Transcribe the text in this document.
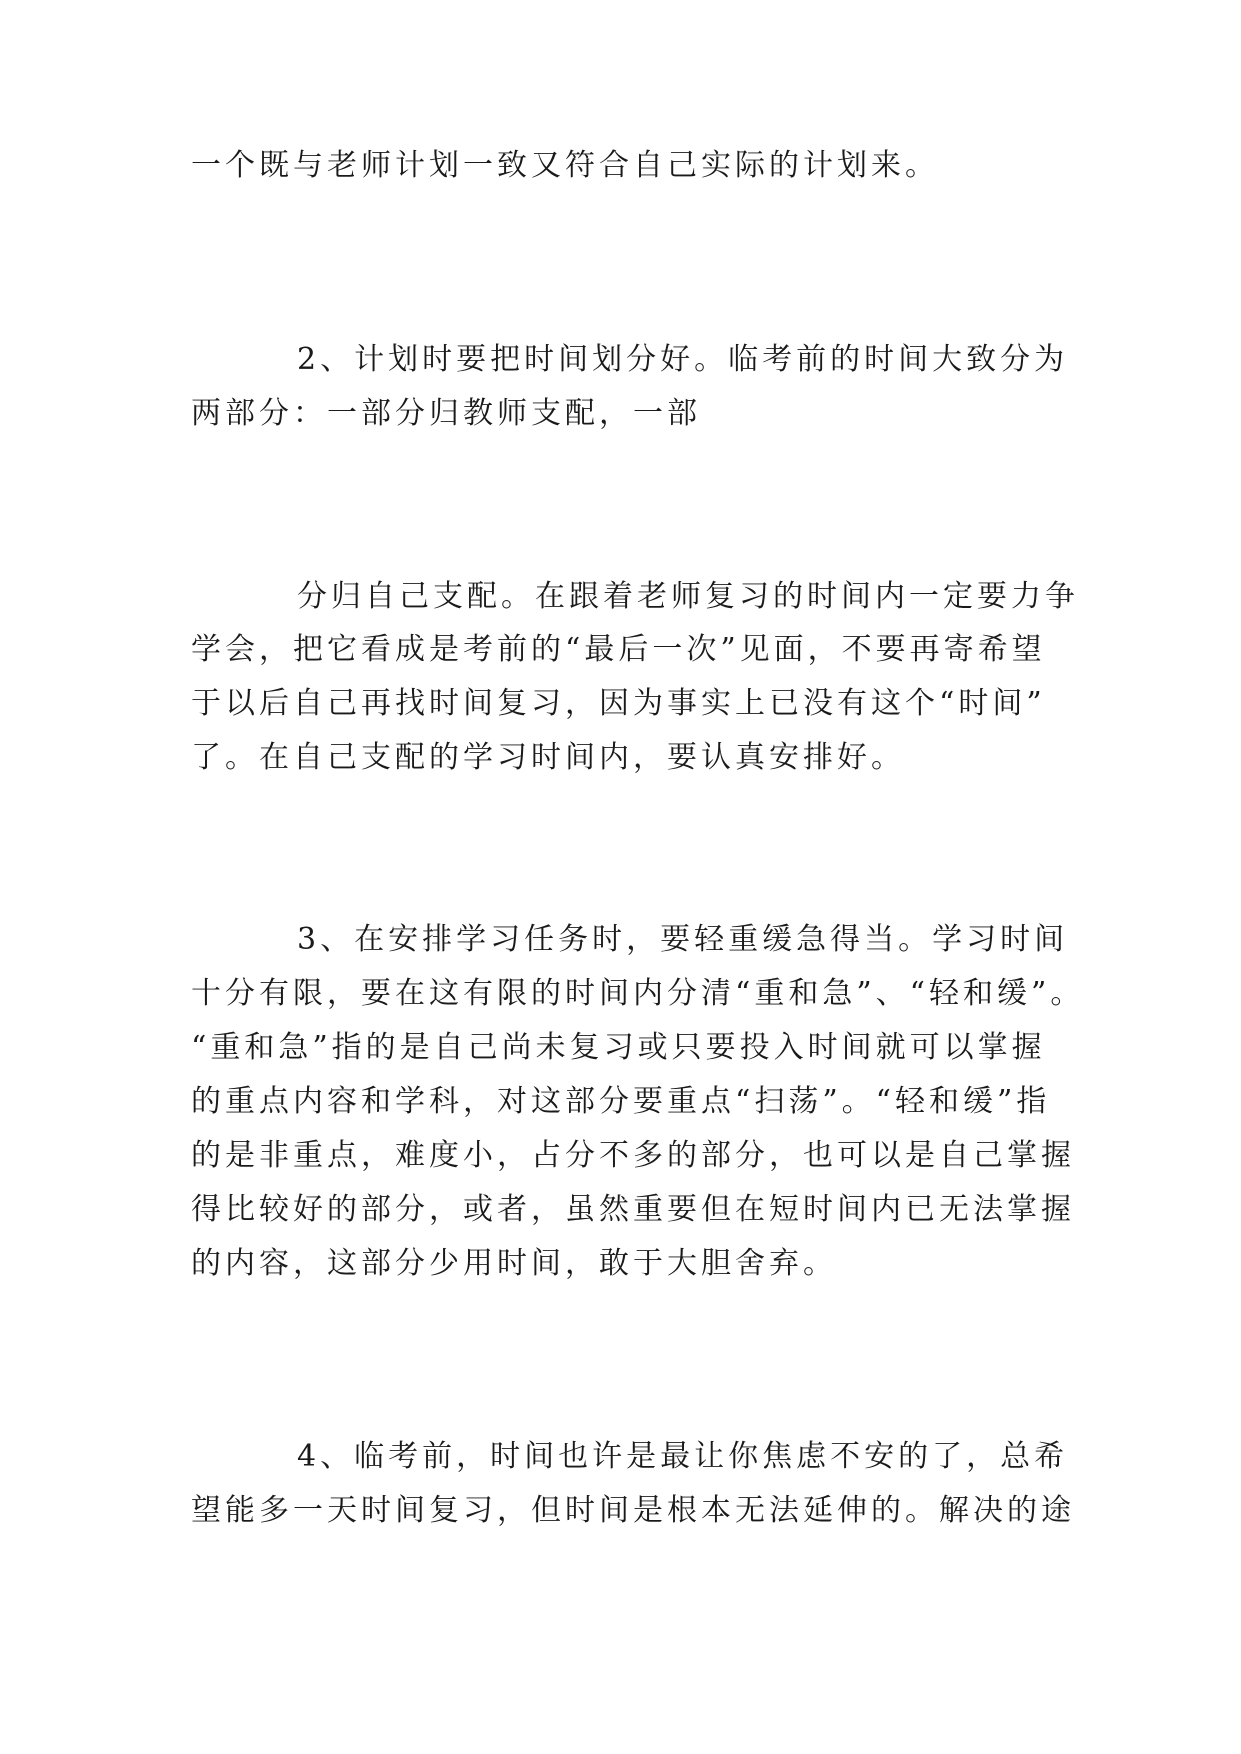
一个既与老师计划一致又符合自己实际的计划来。
2、计划时要把时间划分好。临考前的时间大致分为
两部分：一部分归教师支配，一部
分归自己支配。在跟着老师复习的时间内一定要力争
学会，把它看成是考前的“最后一次”见面，不要再寄希望
于以后自己再找时间复习，因为事实上已没有这个“时间”
了。在自己支配的学习时间内，要认真安排好。
3、在安排学习任务时，要轻重缓急得当。学习时间
十分有限，要在这有限的时间内分清“重和急”、“轻和缓”。
“重和急”指的是自己尚未复习或只要投入时间就可以掌握
的重点内容和学科，对这部分要重点“扫荡”。“轻和缓”指
的是非重点，难度小，占分不多的部分，也可以是自己掌握
得比较好的部分，或者，虽然重要但在短时间内已无法掌握
的内容，这部分少用时间，敢于大胆舍弃。
4、临考前，时间也许是最让你焦虑不安的了，总希
望能多一天时间复习，但时间是根本无法延伸的。解决的途
